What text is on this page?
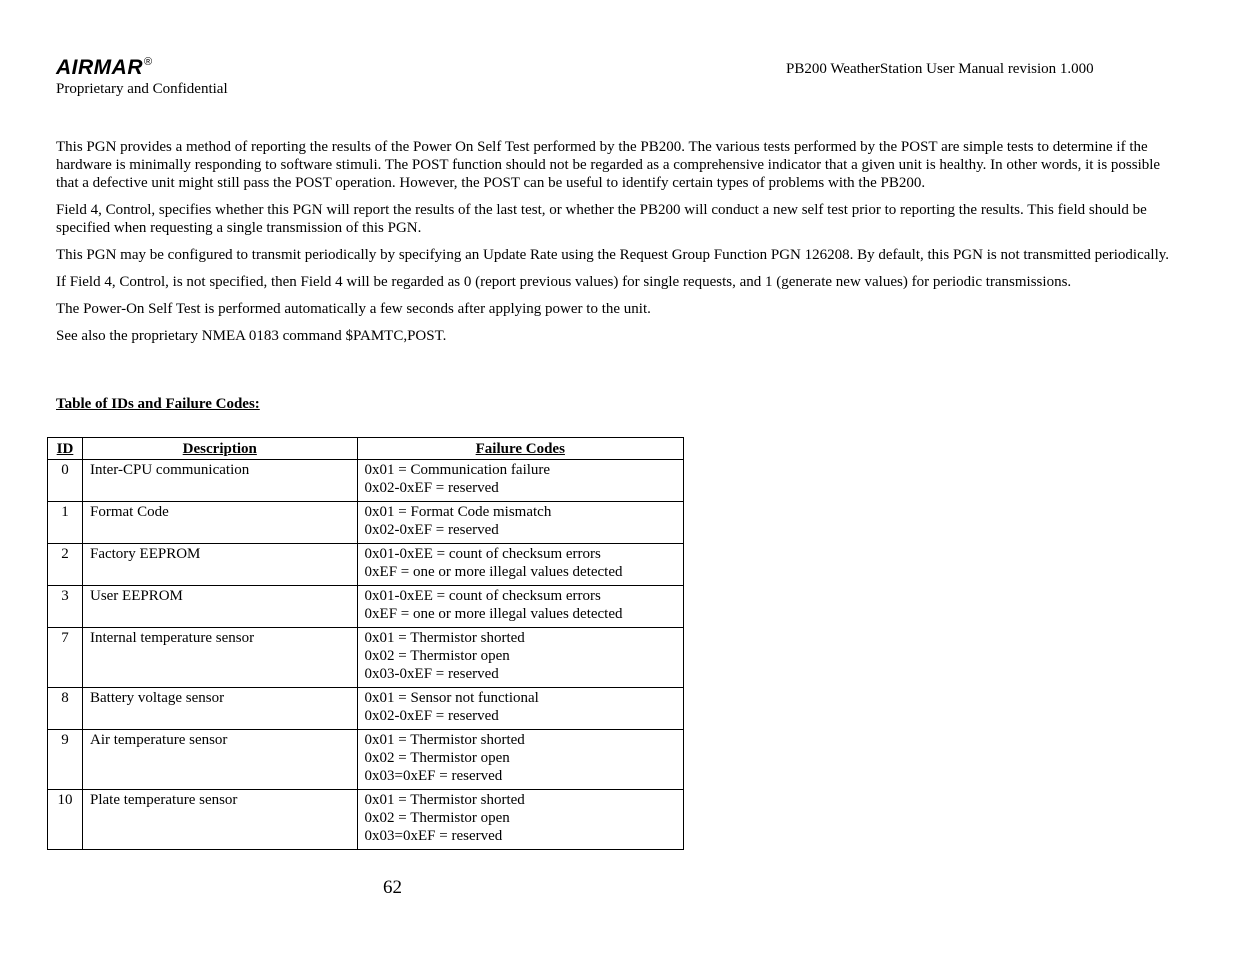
AIRMAR®
Proprietary and Confidential
PB200 WeatherStation User Manual revision 1.000

This PGN provides a method of reporting the results of the Power On Self Test performed by the PB200. The various tests performed by the POST are simple tests to determine if the hardware is minimally responding to software stimuli. The POST function should not be regarded as a comprehensive indicator that a given unit is healthy. In other words, it is possible that a defective unit might still pass the POST operation. However, the POST can be useful to identify certain types of problems with the PB200.

Field 4, Control, specifies whether this PGN will report the results of the last test, or whether the PB200 will conduct a new self test prior to reporting the results. This field should be specified when requesting a single transmission of this PGN.

This PGN may be configured to transmit periodically by specifying an Update Rate using the Request Group Function PGN 126208. By default, this PGN is not transmitted periodically.

If Field 4, Control, is not specified, then Field 4 will be regarded as 0 (report previous values) for single requests, and 1 (generate new values) for periodic transmissions.

The Power-On Self Test is performed automatically a few seconds after applying power to the unit.

See also the proprietary NMEA 0183 command $PAMTC,POST.

Table of IDs and Failure Codes:
ID	Description	Failure Codes
0	Inter-CPU communication	0x01 = Communication failure
0x02-0xEF = reserved

1	Format Code	0x01 = Format Code mismatch
0x02-0xEF = reserved

2	Factory EEPROM	0x01-0xEE = count of checksum errors
0xEF = one or more illegal values detected

3	User EEPROM	0x01-0xEE = count of checksum errors
0xEF = one or more illegal values detected

7	Internal temperature sensor	0x01 = Thermistor shorted
0x02 = Thermistor open
0x03-0xEF = reserved

8	Battery voltage sensor	0x01 = Sensor not functional
0x02-0xEF = reserved

9	Air temperature sensor	0x01 = Thermistor shorted
0x02 = Thermistor open
0x03=0xEF = reserved

10	Plate temperature sensor	0x01 = Thermistor shorted
0x02 = Thermistor open
0x03=0xEF = reserved
62
